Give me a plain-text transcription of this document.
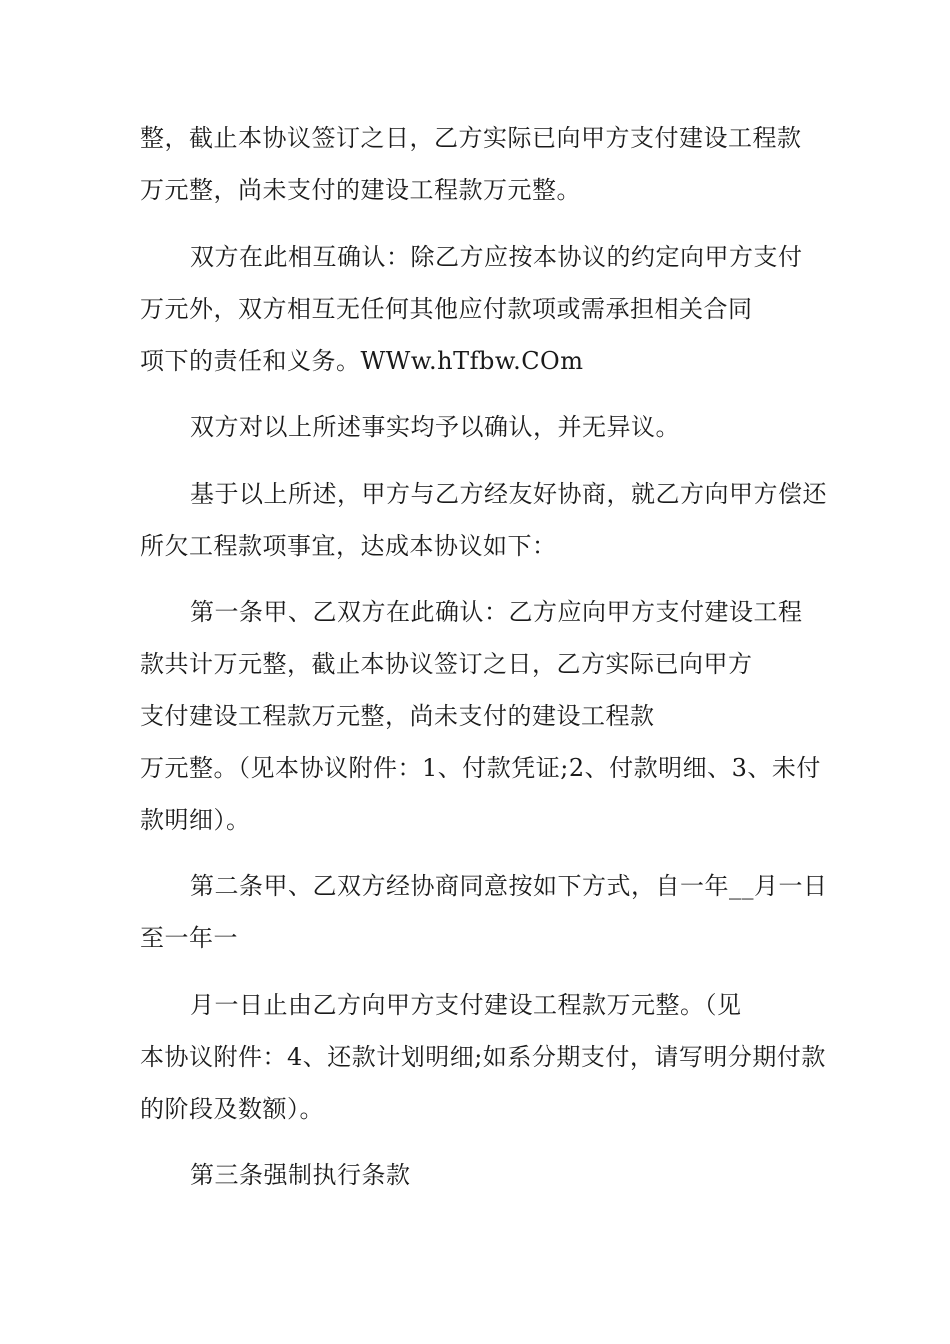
整，截止本协议签订之日，乙方实际已向甲方支付建设工程款
万元整，尚未支付的建设工程款万元整。
双方在此相互确认：除乙方应按本协议的约定向甲方支付
万元外，双方相互无任何其他应付款项或需承担相关合同
项下的责任和义务。WWw.hTfbw.COm
双方对以上所述事实均予以确认，并无异议。
基于以上所述，甲方与乙方经友好协商，就乙方向甲方偿还
所欠工程款项事宜，达成本协议如下：
第一条甲、乙双方在此确认：乙方应向甲方支付建设工程
款共计万元整，截止本协议签订之日，乙方实际已向甲方
支付建设工程款万元整，尚未支付的建设工程款
万元整。（见本协议附件：1、付款凭证;2、付款明细、3、未付
款明细）。
第二条甲、乙双方经协商同意按如下方式，自一年__月一日
至一年一
月一日止由乙方向甲方支付建设工程款万元整。（见
本协议附件：4、还款计划明细;如系分期支付，请写明分期付款
的阶段及数额）。
第三条强制执行条款
